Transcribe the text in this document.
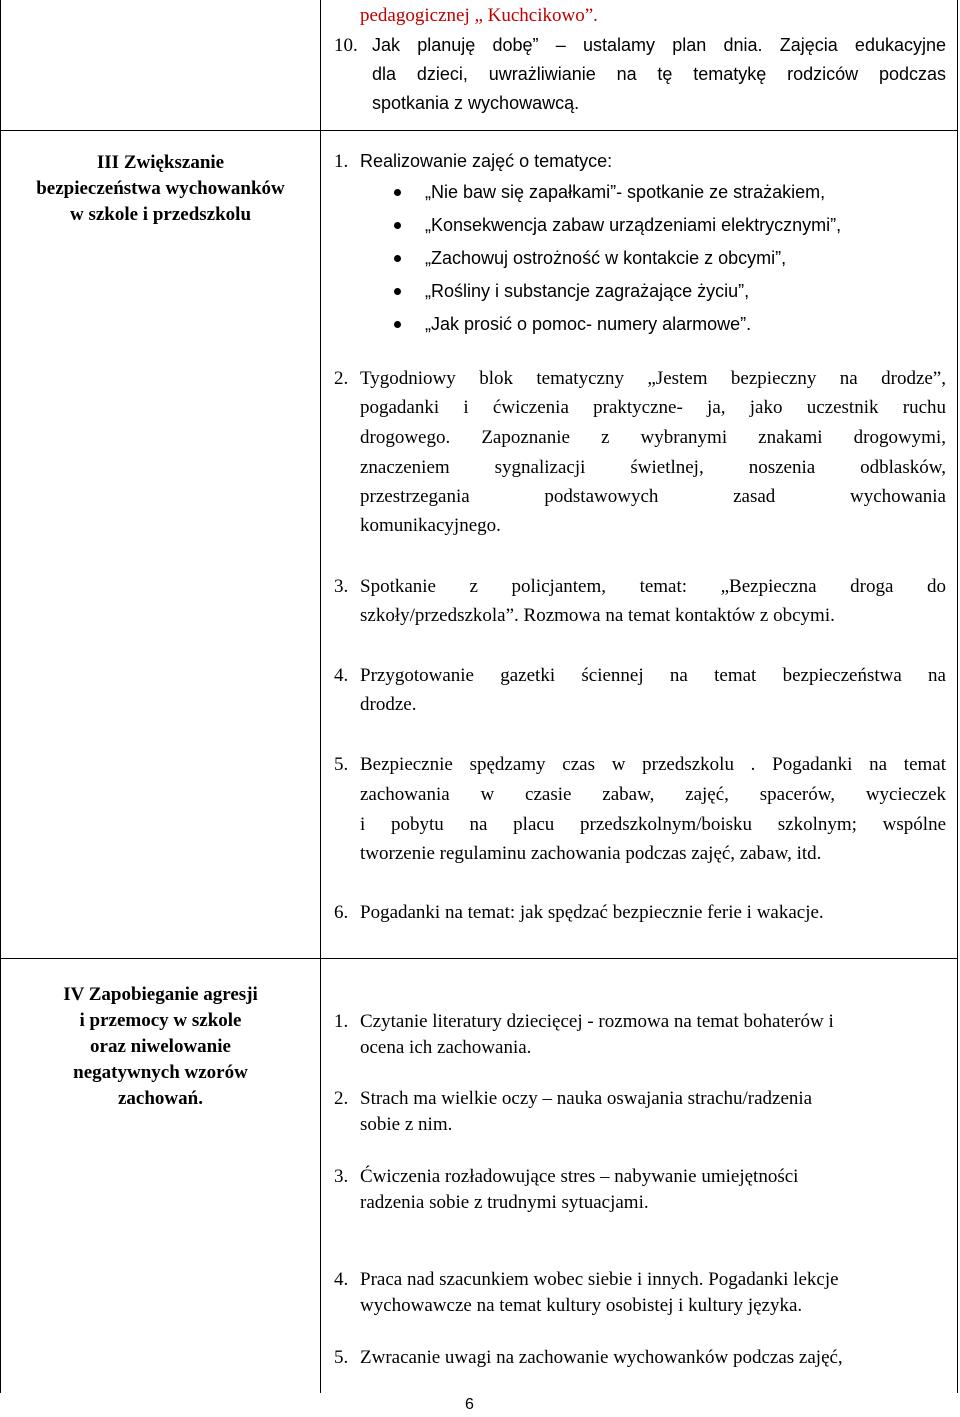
pedagogicznej „ Kuchcikowo”.
10. Jak planuję dobę” – ustalamy plan dnia. Zajęcia edukacyjne
dla dzieci, uwrażliwianie na tę tematykę rodziców podczas
spotkania z wychowawcą.
III Zwiększanie
bezpieczeństwa wychowanków
w szkole i przedszkolu
1. Realizowanie zajęć o tematyce:
„Nie baw się zapałkami”- spotkanie ze strażakiem,
„Konsekwencja zabaw urządzeniami elektrycznymi”,
„Zachowuj ostrożność w kontakcie z obcymi”,
„Rośliny i substancje zagrażające życiu”,
„Jak prosić o pomoc- numery alarmowe”.
2. Tygodniowy blok tematyczny „Jestem bezpieczny na drodze”,
pogadanki i ćwiczenia praktyczne- ja, jako uczestnik ruchu
drogowego. Zapoznanie z wybranymi znakami drogowymi,
znaczeniem sygnalizacji świetlnej, noszenia odblasków,
przestrzegania podstawowych zasad wychowania
komunikacyjnego.
3. Spotkanie z policjantem, temat: „Bezpieczna droga do
szkoły/przedszkola”. Rozmowa na temat kontaktów z obcymi.
4. Przygotowanie gazetki ściennej na temat bezpieczeństwa na
drodze.
5. Bezpiecznie spędzamy czas w przedszkolu . Pogadanki na temat
zachowania w czasie zabaw, zajęć, spacerów, wycieczek
i pobytu na placu przedszkolnym/boisku szkolnym; wspólne
tworzenie regulaminu zachowania podczas zajęć, zabaw, itd.
6. Pogadanki na temat: jak spędzać bezpiecznie ferie i wakacje.
IV Zapobieganie agresji
i przemocy w szkole
oraz niwelowanie
negatywnych wzorów
zachowań.
1. Czytanie literatury dziecięcej - rozmowa na temat bohaterów i
ocena ich zachowania.
2. Strach ma wielkie oczy – nauka oswajania strachu/radzenia
sobie z nim.
3. Ćwiczenia rozładowujące stres – nabywanie umiejętności
radzenia sobie z trudnymi sytuacjami.
4. Praca nad szacunkiem wobec siebie i innych. Pogadanki lekcje
wychowawcze na temat kultury osobistej i kultury języka.
5. Zwracanie uwagi na zachowanie wychowanków podczas zajęć,
6
